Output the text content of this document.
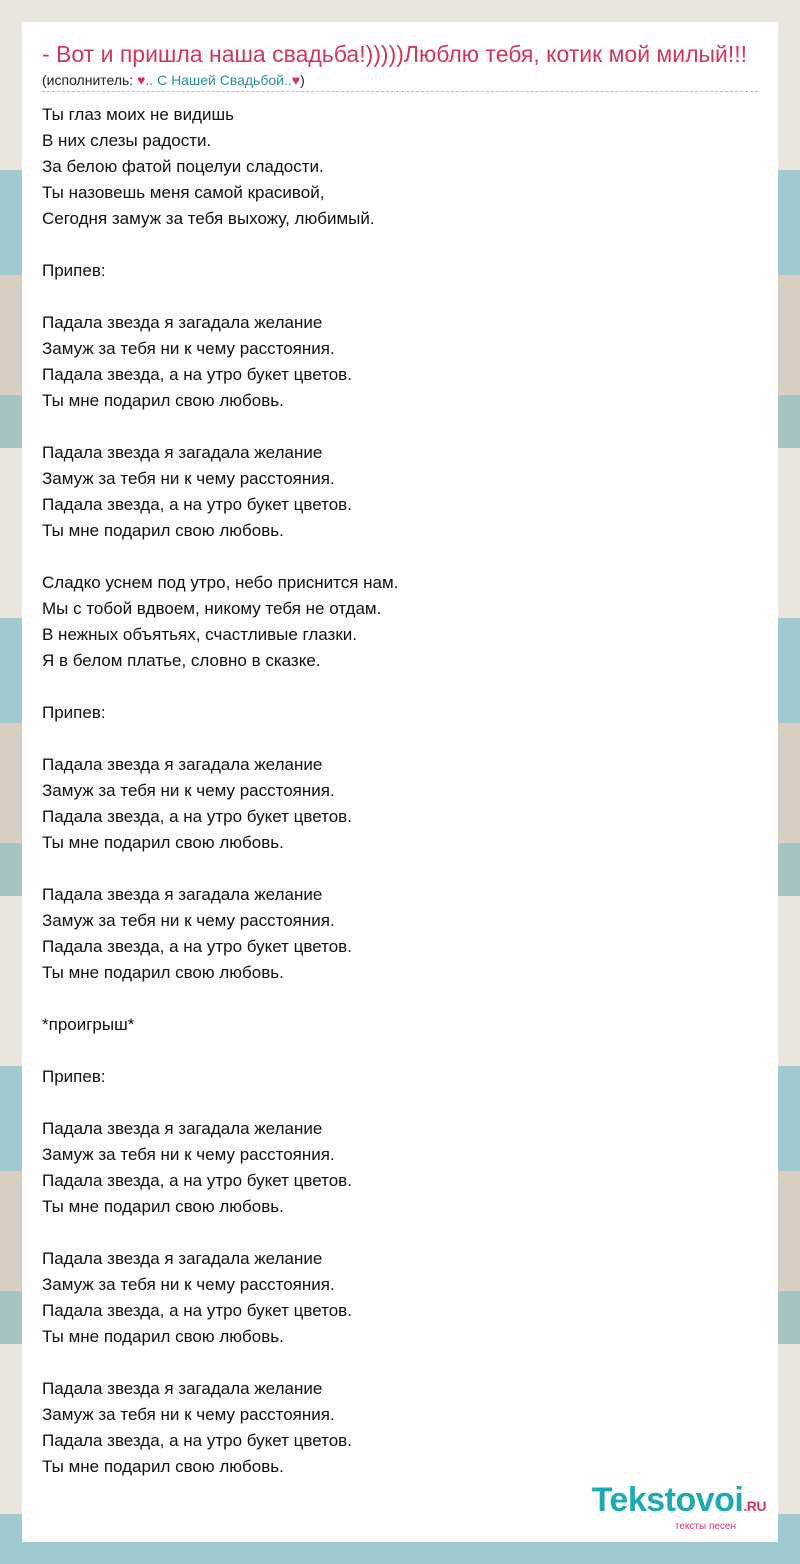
- Вот и пришла наша свадьба!)))))Люблю тебя, котик мой милый!!!
(исполнитель: ♥.. С Нашей Свадьбой..♥)
Ты глаз моих не видишь
В них слезы радости.
За белою фатой поцелуи сладости.
Ты назовешь меня самой красивой,
Сегодня замуж за тебя выхожу, любимый.
Припев:
Падала звезда я загадала желание
Замуж за тебя ни к чему расстояния.
Падала звезда, а на утро букет цветов.
Ты мне подарил свою любовь.
Падала звезда я загадала желание
Замуж за тебя ни к чему расстояния.
Падала звезда, а на утро букет цветов.
Ты мне подарил свою любовь.
Сладко уснем под утро, небо приснится нам.
Мы с тобой вдвоем, никому тебя не отдам.
В нежных объятьях, счастливые глазки.
Я в белом платье, словно в сказке.
Припев:
Падала звезда я загадала желание
Замуж за тебя ни к чему расстояния.
Падала звезда, а на утро букет цветов.
Ты мне подарил свою любовь.
Падала звезда я загадала желание
Замуж за тебя ни к чему расстояния.
Падала звезда, а на утро букет цветов.
Ты мне подарил свою любовь.
*проигрыш*
Припев:
Падала звезда я загадала желание
Замуж за тебя ни к чему расстояния.
Падала звезда, а на утро букет цветов.
Ты мне подарил свою любовь.
Падала звезда я загадала желание
Замуж за тебя ни к чему расстояния.
Падала звезда, а на утро букет цветов.
Ты мне подарил свою любовь.
Падала звезда я загадала желание
Замуж за тебя ни к чему расстояния.
Падала звезда, а на утро букет цветов.
Ты мне подарил свою любовь.
Tekstovoi.RU
тексты песен
